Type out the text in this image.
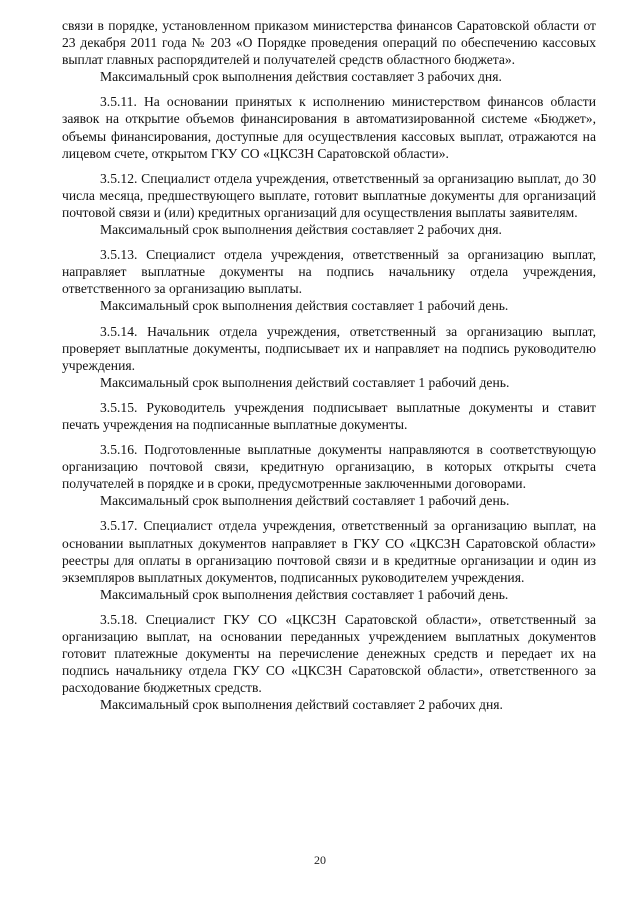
связи в порядке, установленном приказом министерства финансов Саратовской области от 23 декабря 2011 года № 203 «О Порядке проведения операций по обеспечению кассовых выплат главных распорядителей и получателей средств областного бюджета».

Максимальный срок выполнения действия составляет 3 рабочих дня.

3.5.11. На основании принятых к исполнению министерством финансов области заявок на открытие объемов финансирования в автоматизированной системе «Бюджет», объемы финансирования, доступные для осуществления кассовых выплат, отражаются на лицевом счете, открытом ГКУ СО «ЦКСЗН Саратовской области».

3.5.12. Специалист отдела учреждения, ответственный за организацию выплат, до 30 числа месяца, предшествующего выплате, готовит выплатные документы для организаций почтовой связи и (или) кредитных организаций для осуществления выплаты заявителям.

Максимальный срок выполнения действия составляет 2 рабочих дня.

3.5.13. Специалист отдела учреждения, ответственный за организацию выплат, направляет выплатные документы на подпись начальнику отдела учреждения, ответственного за организацию выплаты.

Максимальный срок выполнения действия составляет 1 рабочий день.

3.5.14. Начальник отдела учреждения, ответственный за организацию выплат, проверяет выплатные документы, подписывает их и направляет на подпись руководителю учреждения.

Максимальный срок выполнения действий составляет 1 рабочий день.

3.5.15. Руководитель учреждения подписывает выплатные документы и ставит печать учреждения на подписанные выплатные документы.

3.5.16. Подготовленные выплатные документы направляются в соответствующую организацию почтовой связи, кредитную организацию, в которых открыты счета получателей в порядке и в сроки, предусмотренные заключенными договорами.

Максимальный срок выполнения действий составляет 1 рабочий день.

3.5.17. Специалист отдела учреждения, ответственный за организацию выплат, на основании выплатных документов направляет в ГКУ СО «ЦКСЗН Саратовской области» реестры для оплаты в организацию почтовой связи и в кредитные организации и один из экземпляров выплатных документов, подписанных руководителем учреждения.

Максимальный срок выполнения действия составляет 1 рабочий день.

3.5.18. Специалист ГКУ СО «ЦКСЗН Саратовской области», ответственный за организацию выплат, на основании переданных учреждением выплатных документов готовит платежные документы на перечисление денежных средств и передает их на подпись начальнику отдела ГКУ СО «ЦКСЗН Саратовской области», ответственного за расходование бюджетных средств.

Максимальный срок выполнения действий составляет 2 рабочих дня.

20
